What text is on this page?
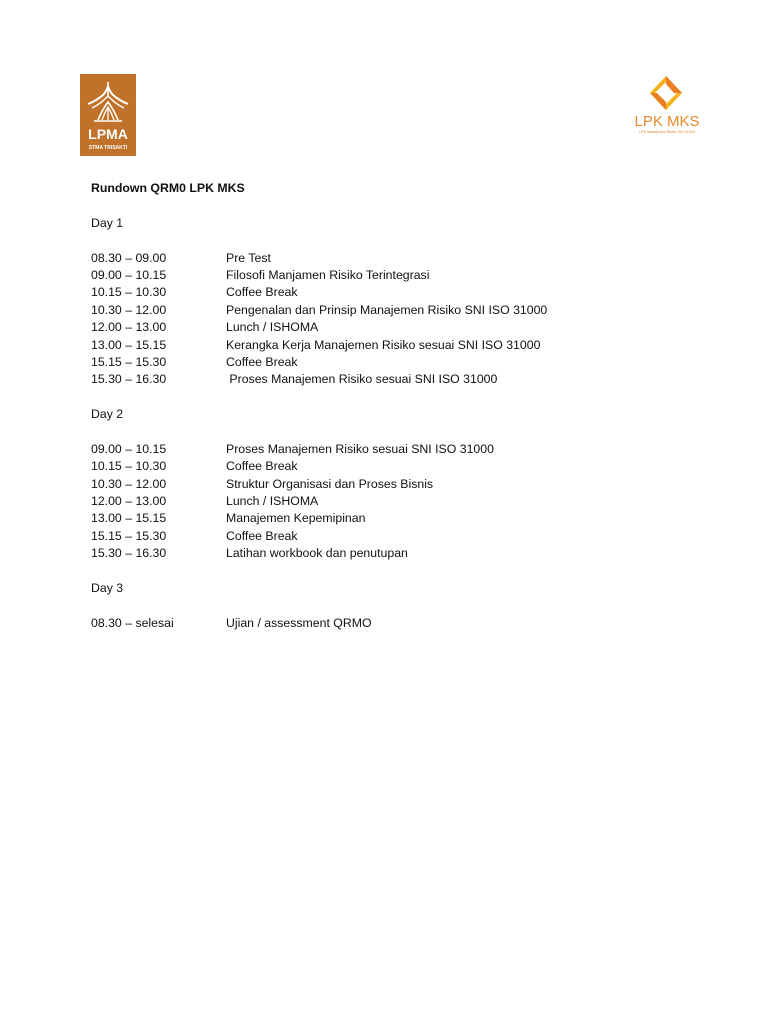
LPMA
STMA TRISAKTI
LPK MKS
LPK Manajemen Risiko ISO 31000

Rundown QRM0 LPK MKS

Day 1

08.30 – 09.00	Pre Test
09.00 – 10.15	Filosofi Manjamen Risiko Terintegrasi
10.15 – 10.30	Coffee Break
10.30 – 12.00	Pengenalan dan Prinsip Manajemen Risiko SNI ISO 31000
12.00 – 13.00	Lunch / ISHOMA
13.00 – 15.15	Kerangka Kerja Manajemen Risiko sesuai SNI ISO 31000
15.15 – 15.30	Coffee Break
15.30 – 16.30	Proses Manajemen Risiko sesuai SNI ISO 31000

Day 2

09.00 – 10.15	Proses Manajemen Risiko sesuai SNI ISO 31000
10.15 – 10.30	Coffee Break
10.30 – 12.00	Struktur Organisasi dan Proses Bisnis
12.00 – 13.00	Lunch / ISHOMA
13.00 – 15.15	Manajemen Kepemipinan
15.15 – 15.30	Coffee Break
15.30 – 16.30	Latihan workbook dan penutupan

Day 3

08.30 – selesai	Ujian / assessment QRMO
